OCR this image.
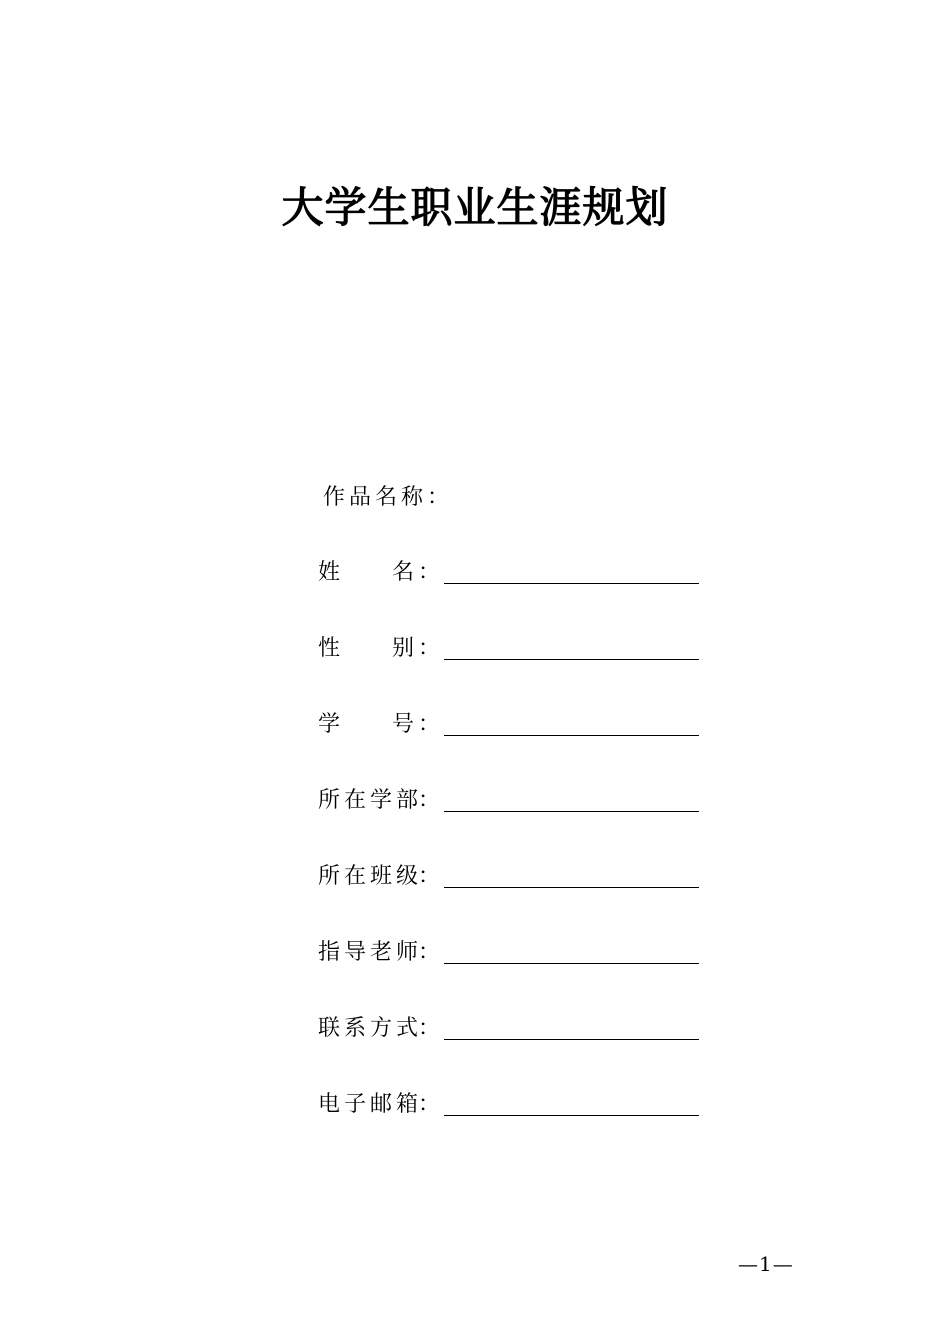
大学生职业生涯规划
作品名称：
姓 名 ：
性 别 ：
学 号 ：
所 在 学 部
：
所 在 班 级
：
指 导 老 师
：
联 系 方 式
：
电 子 邮 箱
：
—1—
